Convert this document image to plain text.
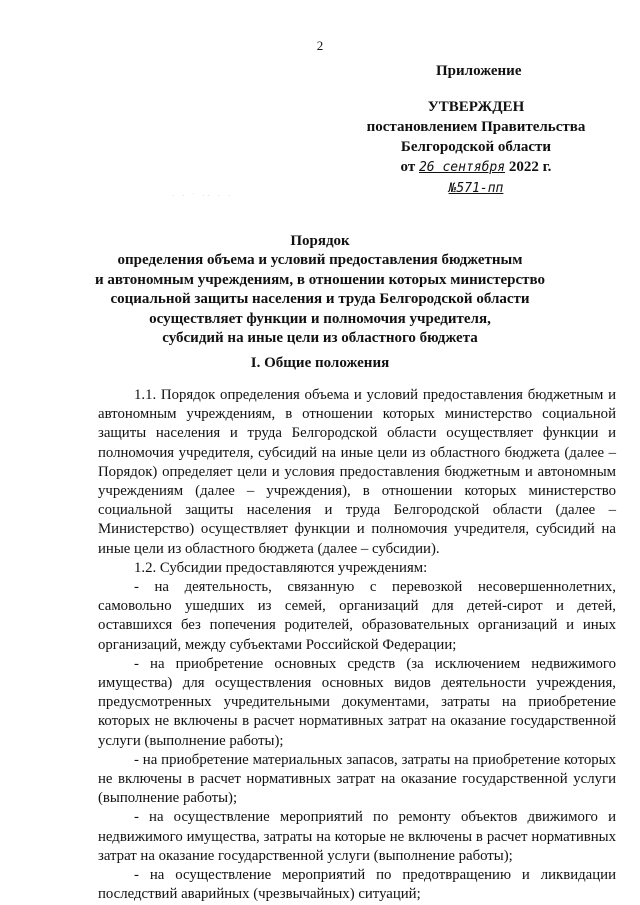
2
Приложение
УТВЕРЖДЕН
постановлением Правительства
Белгородской области
от 26 сентября 2022 г.
№571-пп
· · ˙ ·· · ·
Порядок
определения объема и условий предоставления бюджетным
и автономным учреждениям, в отношении которых министерство
социальной защиты населения и труда Белгородской области
осуществляет функции и полномочия учредителя,
субсидий на иные цели из областного бюджета
I. Общие положения

1.1. Порядок определения объема и условий предоставления бюджетным и автономным учреждениям, в отношении которых министерство социальной защиты населения и труда Белгородской области осуществляет функции и полномочия учредителя, субсидий на иные цели из областного бюджета (далее – Порядок) определяет цели и условия предоставления бюджетным и автономным учреждениям (далее – учреждения), в отношении которых министерство социальной защиты населения и труда Белгородской области (далее – Министерство) осуществляет функции и полномочия учредителя, субсидий на иные цели из областного бюджета (далее – субсидии).

1.2. Субсидии предоставляются учреждениям:

- на деятельность, связанную с перевозкой несовершеннолетних, самовольно ушедших из семей, организаций для детей-сирот и детей, оставшихся без попечения родителей, образовательных организаций и иных организаций, между субъектами Российской Федерации;

- на приобретение основных средств (за исключением недвижимого имущества) для осуществления основных видов деятельности учреждения, предусмотренных учредительными документами, затраты на приобретение которых не включены в расчет нормативных затрат на оказание государственной услуги (выполнение работы);

- на приобретение материальных запасов, затраты на приобретение которых не включены в расчет нормативных затрат на оказание государственной услуги (выполнение работы);

- на осуществление мероприятий по ремонту объектов движимого и недвижимого имущества, затраты на которые не включены в расчет нормативных затрат на оказание государственной услуги (выполнение работы);

- на осуществление мероприятий по предотвращению и ликвидации последствий аварийных (чрезвычайных) ситуаций;
